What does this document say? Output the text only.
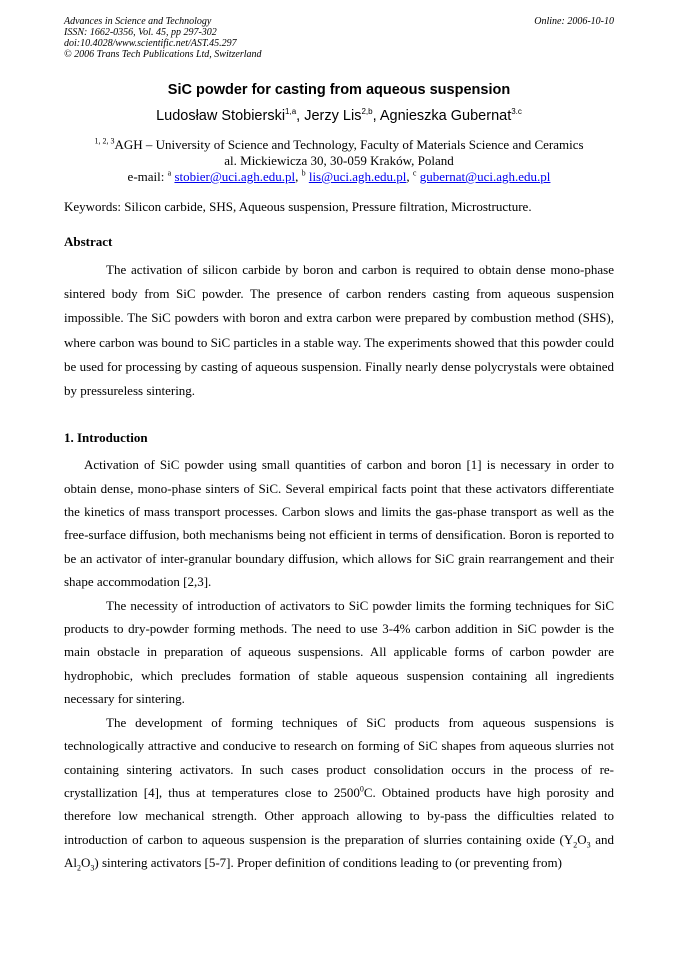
Advances in Science and Technology
ISSN: 1662-0356, Vol. 45, pp 297-302
doi:10.4028/www.scientific.net/AST.45.297
© 2006 Trans Tech Publications Ltd, Switzerland
Online: 2006-10-10
SiC powder for casting from aqueous suspension
Ludosław Stobierski$^{1,a}$, Jerzy Lis$^{2,b}$, Agnieszka Gubernat$^{3.c}$
$^{1, 2, 3}$AGH – University of Science and Technology, Faculty of Materials Science and Ceramics
al. Mickiewicza 30, 30-059 Kraków, Poland
e-mail: $^a$ stobier@uci.agh.edu.pl, $^b$ lis@uci.agh.edu.pl, $^c$ gubernat@uci.agh.edu.pl
Keywords: Silicon carbide, SHS, Aqueous suspension, Pressure filtration, Microstructure.
Abstract
The activation of silicon carbide by boron and carbon is required to obtain dense mono-phase sintered body from SiC powder. The presence of carbon renders casting from aqueous suspension impossible. The SiC powders with boron and extra carbon were prepared by combustion method (SHS), where carbon was bound to SiC particles in a stable way. The experiments showed that this powder could be used for processing by casting of aqueous suspension. Finally nearly dense polycrystals were obtained by pressureless sintering.
1. Introduction

Activation of SiC powder using small quantities of carbon and boron [1] is necessary in order to obtain dense, mono-phase sinters of SiC. Several empirical facts point that these activators differentiate the kinetics of mass transport processes. Carbon slows and limits the gas-phase transport as well as the free-surface diffusion, both mechanisms being not efficient in terms of densification. Boron is reported to be an activator of inter-granular boundary diffusion, which allows for SiC grain rearrangement and their shape accommodation [2,3].

The necessity of introduction of activators to SiC powder limits the forming techniques for SiC products to dry-powder forming methods. The need to use 3-4% carbon addition in SiC powder is the main obstacle in preparation of aqueous suspensions. All applicable forms of carbon powder are hydrophobic, which precludes formation of stable aqueous suspension containing all ingredients necessary for sintering.

The development of forming techniques of SiC products from aqueous suspensions is technologically attractive and conducive to research on forming of SiC shapes from aqueous slurries not containing sintering activators. In such cases product consolidation occurs in the process of re-crystallization [4], thus at temperatures close to 2500$^0$C. Obtained products have high porosity and therefore low mechanical strength. Other approach allowing to by-pass the difficulties related to introduction of carbon to aqueous suspension is the preparation of slurries containing oxide ($Y_2O_3$ and $Al_2O_3$) sintering activators [5-7]. Proper definition of conditions leading to (or preventing from)
